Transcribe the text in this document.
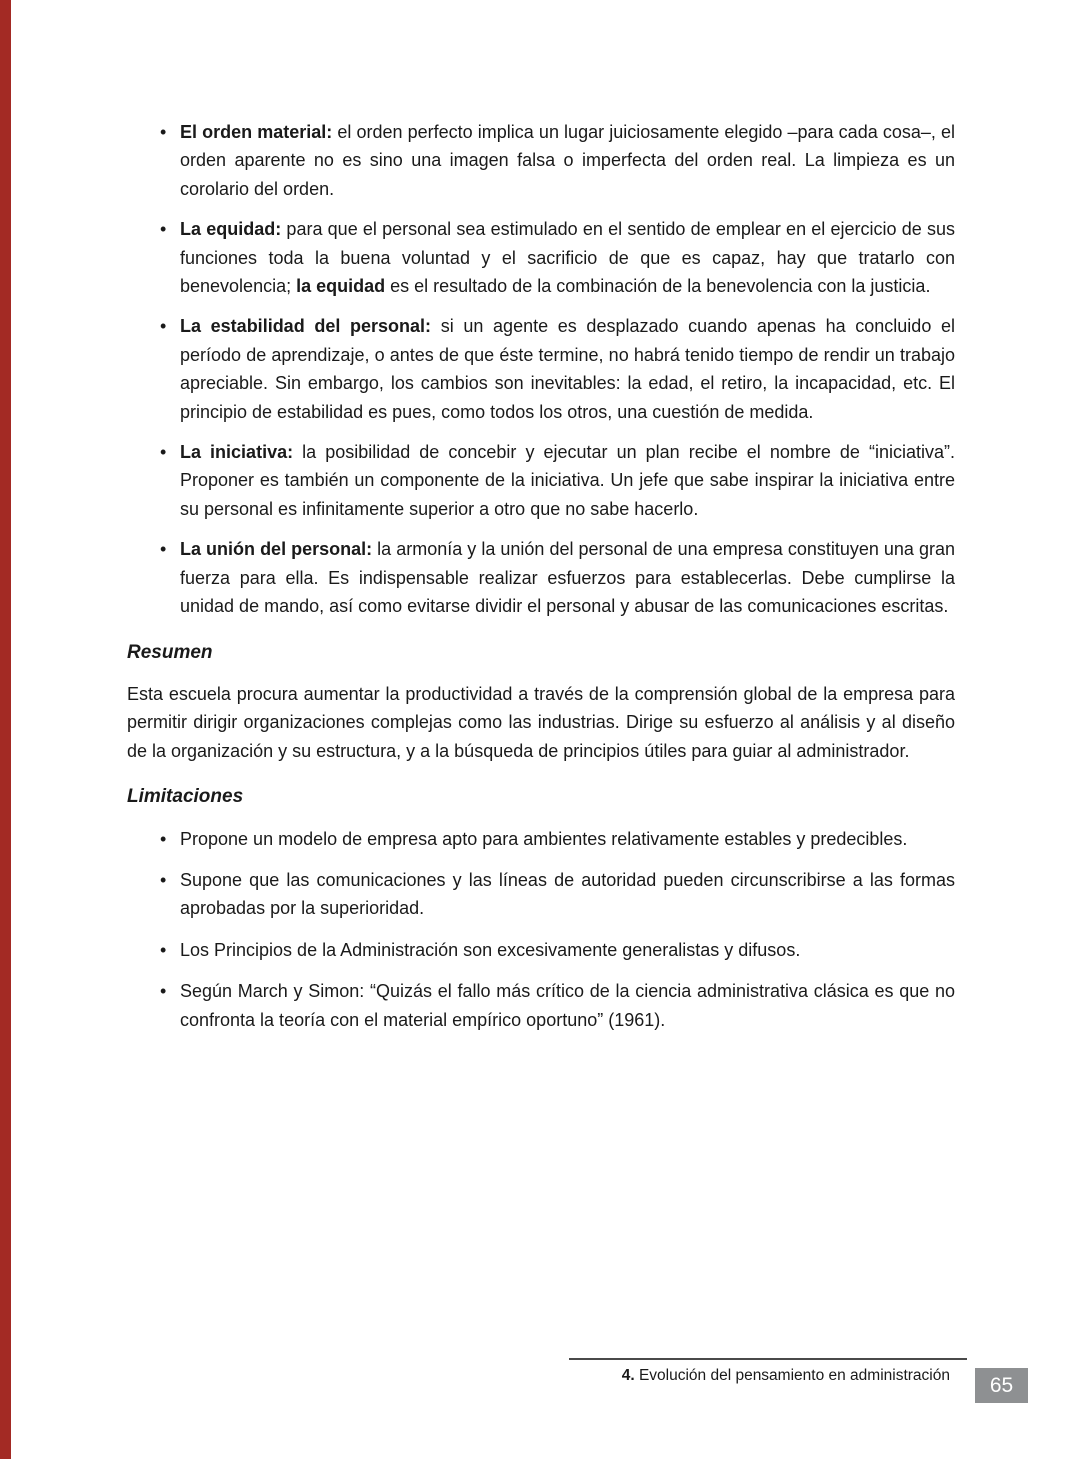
• El orden material: el orden perfecto implica un lugar juiciosamente elegido –para cada cosa–, el orden aparente no es sino una imagen falsa o imperfecta del orden real. La limpieza es un corolario del orden.
• La equidad: para que el personal sea estimulado en el sentido de emplear en el ejercicio de sus funciones toda la buena voluntad y el sacrificio de que es capaz, hay que tratarlo con benevolencia; la equidad es el resultado de la combinación de la benevolencia con la justicia.
• La estabilidad del personal: si un agente es desplazado cuando apenas ha concluido el período de aprendizaje, o antes de que éste termine, no habrá tenido tiempo de rendir un trabajo apreciable. Sin embargo, los cambios son inevitables: la edad, el retiro, la incapacidad, etc. El principio de estabilidad es pues, como todos los otros, una cuestión de medida.
• La iniciativa: la posibilidad de concebir y ejecutar un plan recibe el nombre de “iniciativa”. Proponer es también un componente de la iniciativa. Un jefe que sabe inspirar la iniciativa entre su personal es infinitamente superior a otro que no sabe hacerlo.
• La unión del personal: la armonía y la unión del personal de una empresa constituyen una gran fuerza para ella. Es indispensable realizar esfuerzos para establecerlas. Debe cumplirse la unidad de mando, así como evitarse dividir el personal y abusar de las comunicaciones escritas.
Resumen
Esta escuela procura aumentar la productividad a través de la comprensión global de la empresa para permitir dirigir organizaciones complejas como las industrias. Dirige su esfuerzo al análisis y al diseño de la organización y su estructura, y a la búsqueda de principios útiles para guiar al administrador.
Limitaciones
• Propone un modelo de empresa apto para ambientes relativamente estables y predecibles.
• Supone que las comunicaciones y las líneas de autoridad pueden circunscribirse a las formas aprobadas por la superioridad.
• Los Principios de la Administración son excesivamente generalistas y difusos.
• Según March y Simon: “Quizás el fallo más crítico de la ciencia administrativa clásica es que no confronta la teoría con el material empírico oportuno” (1961).
4. Evolución del pensamiento en administración	65
